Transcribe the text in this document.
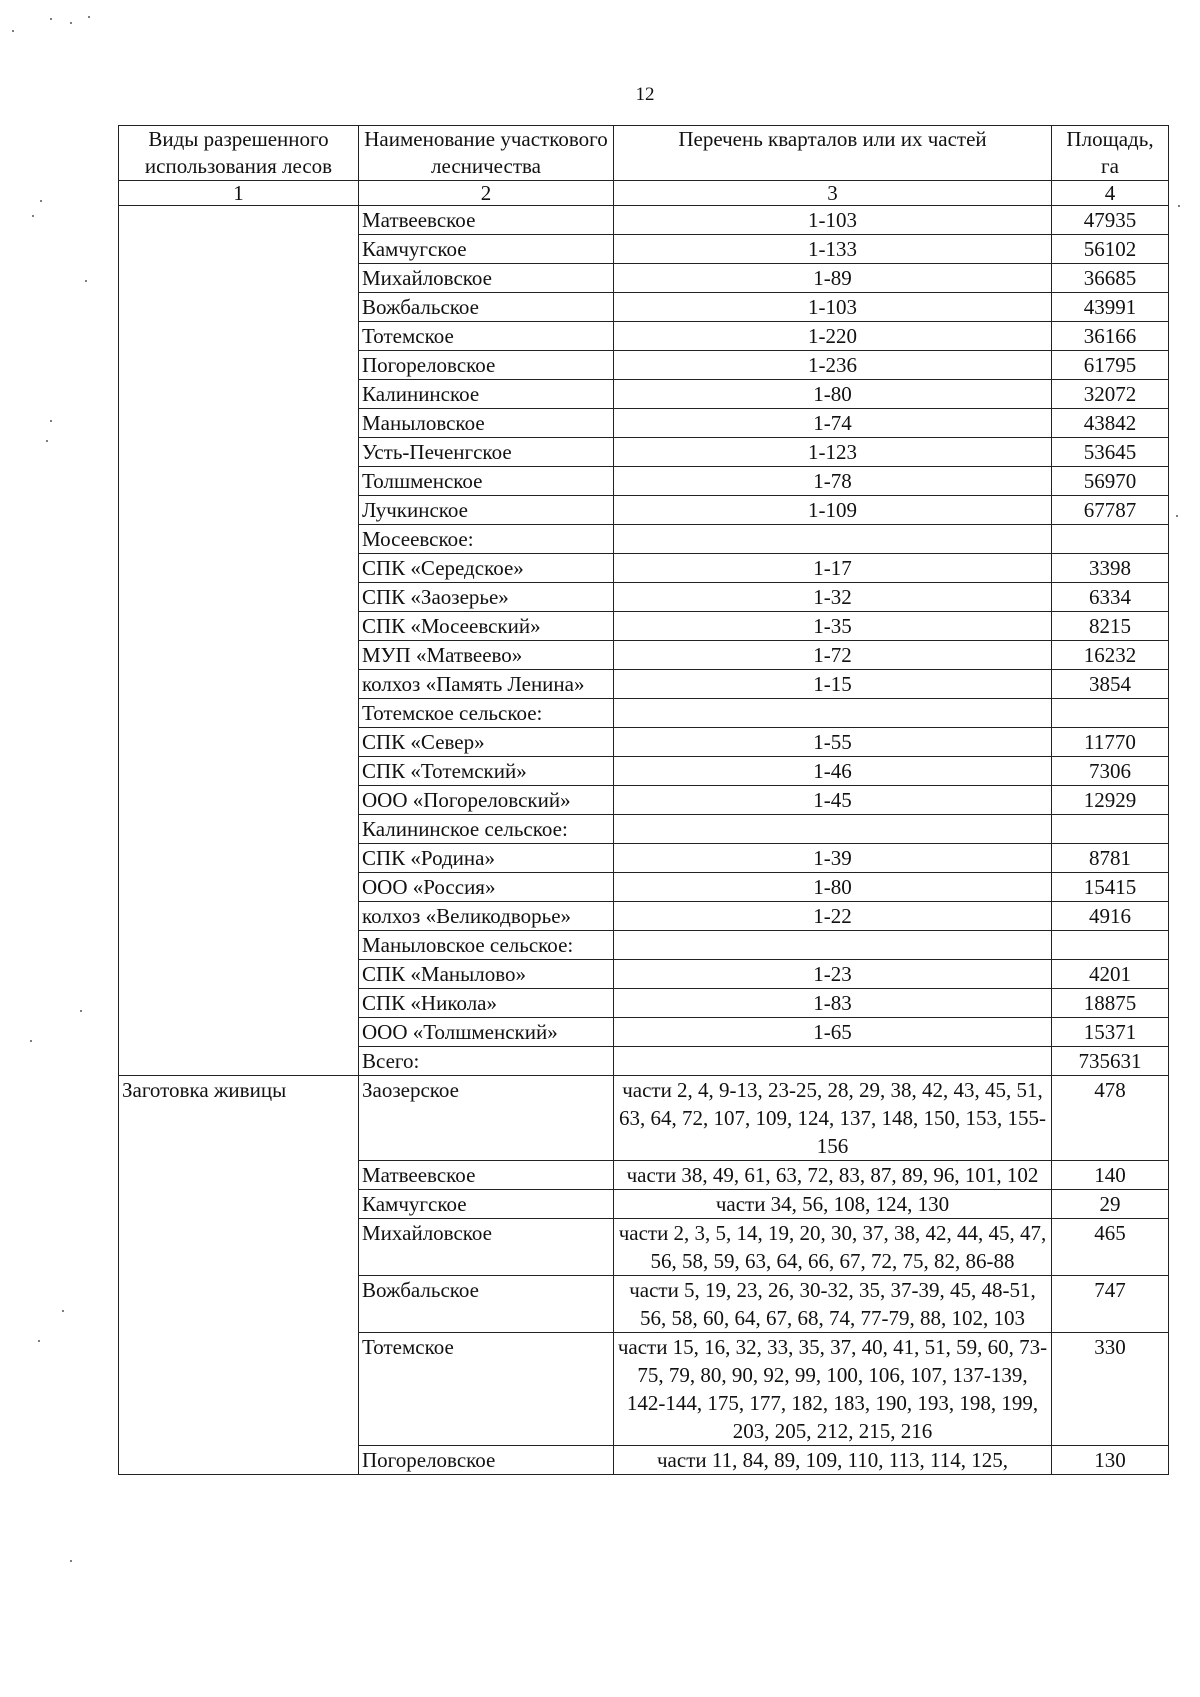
12
Виды разрешенного использования лесов	Наименование участкового лесничества	Перечень кварталов или их частей	Площадь, га
1	2	3	4
	Матвеевское	1-103	47935
	Камчугское	1-133	56102
	Михайловское	1-89	36685
	Вожбальское	1-103	43991
	Тотемское	1-220	36166
	Погореловское	1-236	61795
	Калининское	1-80	32072
	Маныловское	1-74	43842
	Усть-Печенгское	1-123	53645
	Толшменское	1-78	56970
	Лучкинское	1-109	67787
	Мосеевское:		
	СПК «Середское»	1-17	3398
	СПК «Заозерье»	1-32	6334
	СПК «Мосеевский»	1-35	8215
	МУП «Матвеево»	1-72	16232
	колхоз «Память Ленина»	1-15	3854
	Тотемское сельское:		
	СПК «Север»	1-55	11770
	СПК «Тотемский»	1-46	7306
	ООО «Погореловский»	1-45	12929
	Калининское сельское:		
	СПК «Родина»	1-39	8781
	ООО «Россия»	1-80	15415
	колхоз «Великодворье»	1-22	4916
	Маныловское сельское:		
	СПК «Манылово»	1-23	4201
	СПК «Никола»	1-83	18875
	ООО «Толшменский»	1-65	15371
	Всего:		735631
Заготовка живицы	Заозерское	части 2, 4, 9-13, 23-25, 28, 29, 38, 42, 43, 45, 51, 63, 64, 72, 107, 109, 124, 137, 148, 150, 153, 155-156	478
	Матвеевское	части 38, 49, 61, 63, 72, 83, 87, 89, 96, 101, 102	140
	Камчугское	части 34, 56, 108, 124, 130	29
	Михайловское	части 2, 3, 5, 14, 19, 20, 30, 37, 38, 42, 44, 45, 47, 56, 58, 59, 63, 64, 66, 67, 72, 75, 82, 86-88	465
	Вожбальское	части 5, 19, 23, 26, 30-32, 35, 37-39, 45, 48-51, 56, 58, 60, 64, 67, 68, 74, 77-79, 88, 102, 103	747
	Тотемское	части 15, 16, 32, 33, 35, 37, 40, 41, 51, 59, 60, 73-75, 79, 80, 90, 92, 99, 100, 106, 107, 137-139, 142-144, 175, 177, 182, 183, 190, 193, 198, 199, 203, 205, 212, 215, 216	330
	Погореловское	части 11, 84, 89, 109, 110, 113, 114, 125,	130
